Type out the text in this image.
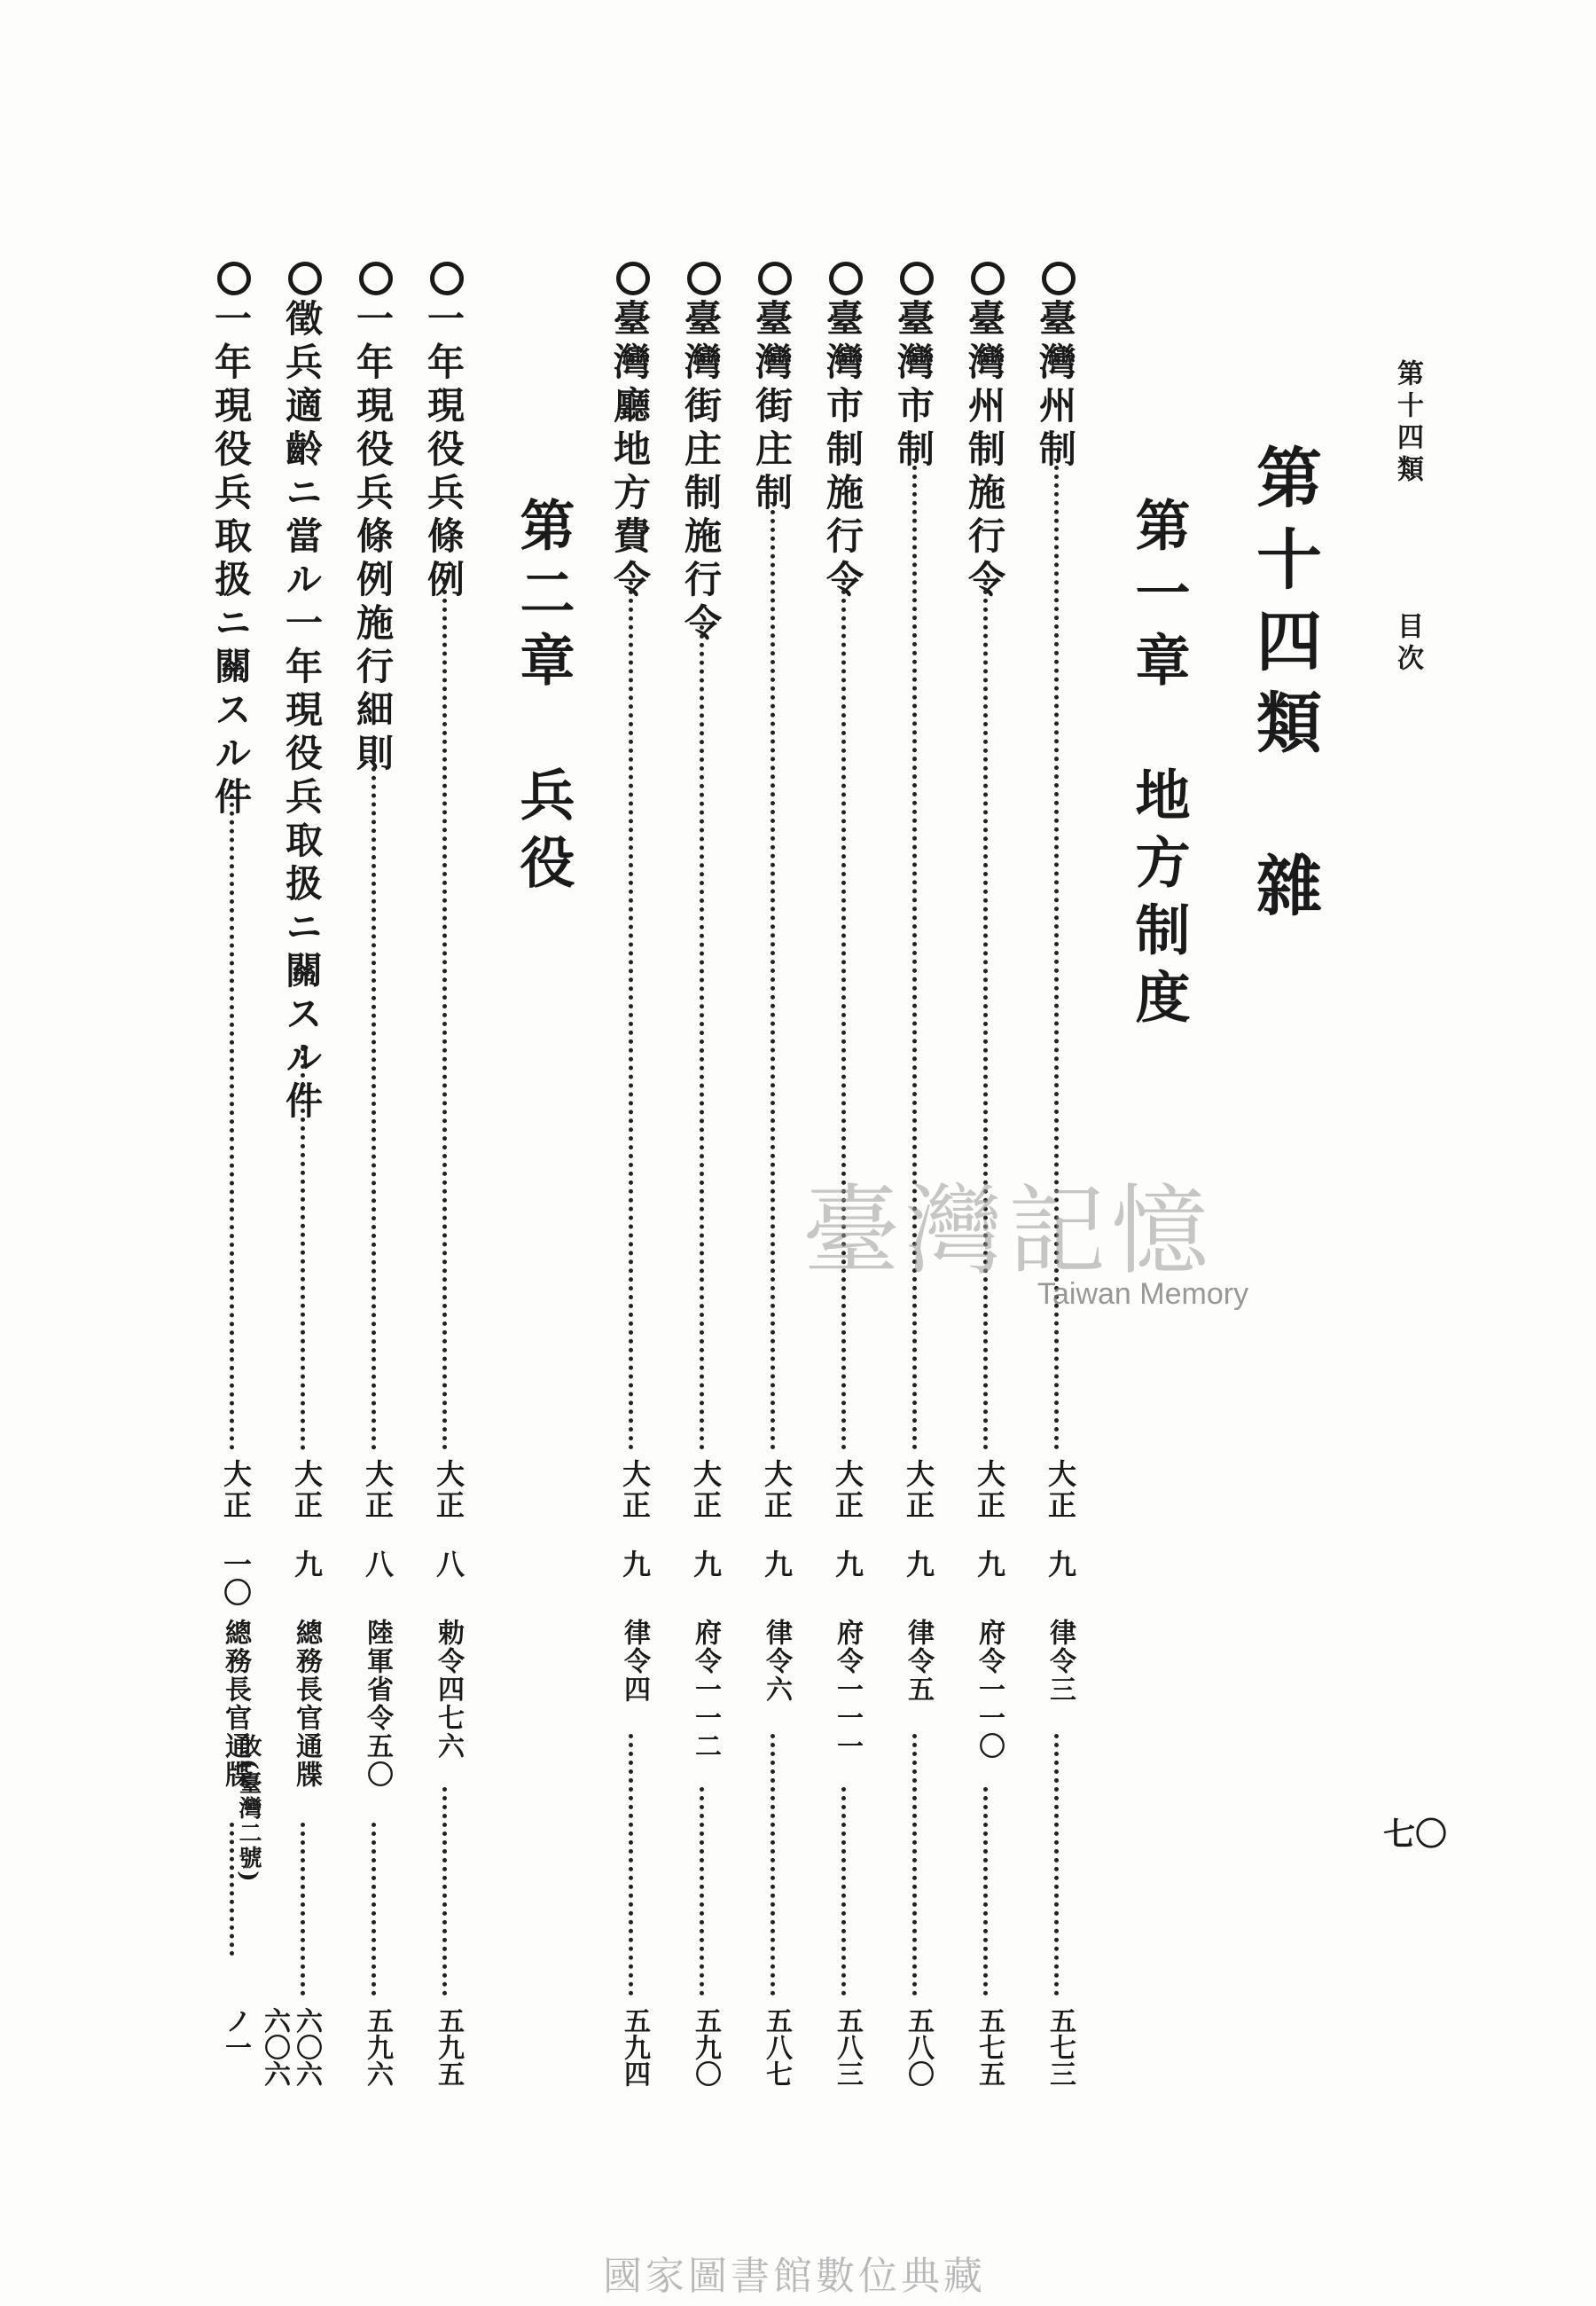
第十四類
目次
七〇
第十四類　雜
第一章　地方制度
第二章　兵役
臺灣州制
大正
九
律令三
五七三
臺灣州制施行令
大正
九
府令一一〇
五七五
臺灣市制
大正
九
律令五
五八〇
臺灣市制施行令
大正
九
府令一一一
五八三
臺灣街庄制
大正
九
律令六
五八七
臺灣街庄制施行令
大正
九
府令一一二
五九〇
臺灣廳地方費令
大正
九
律令四
五九四
一年現役兵條例
大正
八
勅令四七六
五九五
一年現役兵條例施行細則
大正
八
陸軍省令五〇
五九六
徵兵適齡ニ當ル一年現役兵取扱ニ關スル件
大正
九
總務長官通牒
六〇六
一年現役兵取扱ニ關スル件
大正
一〇
總務長官通牒
六〇六ノ一
改(臺灣二號)
臺灣記憶
Taiwan Memory
國家圖書館數位典藏
